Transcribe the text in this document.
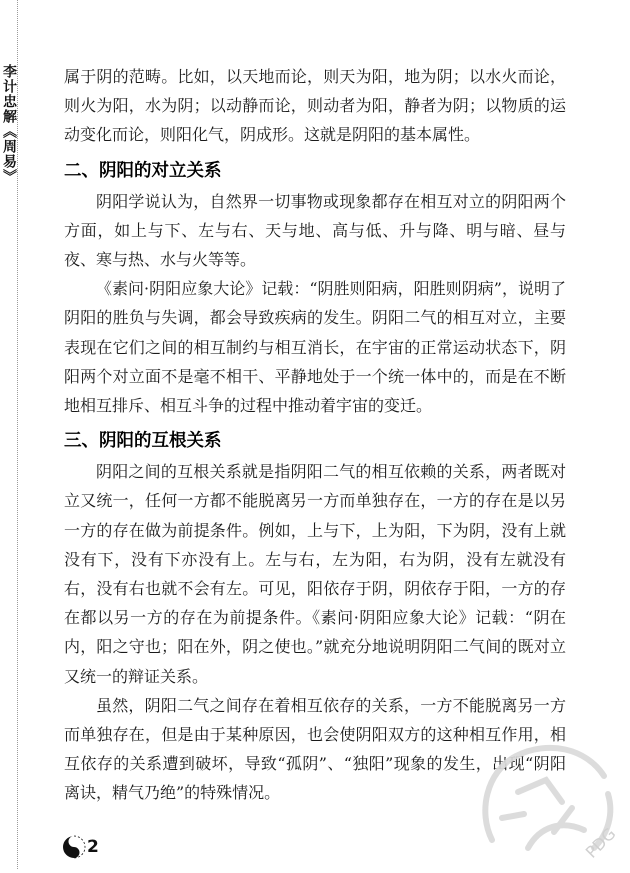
李计忠解《周易》	属于阴的范畴。比如，以天地而论，则天为阳，地为阴；以水火而论，则火为阳，水为阴；以动静而论，则动者为阳，静者为阴；以物质的运动变化而论，则阳化气，阴成形。这就是阴阳的基本属性。

二、阴阳的对立关系

阴阳学说认为，自然界一切事物或现象都存在相互对立的阴阳两个方面，如上与下、左与右、天与地、高与低、升与降、明与暗、昼与夜、寒与热、水与火等等。

《素问·阴阳应象大论》记载：“阴胜则阳病，阳胜则阴病”，说明了阴阳的胜负与失调，都会导致疾病的发生。阴阳二气的相互对立，主要表现在它们之间的相互制约与相互消长，在宇宙的正常运动状态下，阴阳两个对立面不是毫不相干、平静地处于一个统一体中的，而是在不断地相互排斥、相互斗争的过程中推动着宇宙的变迁。

三、阴阳的互根关系

阴阳之间的互根关系就是指阴阳二气的相互依赖的关系，两者既对立又统一，任何一方都不能脱离另一方而单独存在，一方的存在是以另一方的存在做为前提条件。例如，上与下，上为阳，下为阴，没有上就没有下，没有下亦没有上。左与右，左为阳，右为阴，没有左就没有右，没有右也就不会有左。可见，阳依存于阴，阴依存于阳，一方的存在都以另一方的存在为前提条件。《素问·阴阳应象大论》记载：“阴在内，阳之守也；阳在外，阴之使也。”就充分地说明阴阳二气间的既对立又统一的辩证关系。

虽然，阴阳二气之间存在着相互依存的关系，一方不能脱离另一方而单独存在，但是由于某种原因，也会使阴阳双方的这种相互作用，相互依存的关系遭到破坏，导致“孤阴”、“独阳”现象的发生，出现“阴阳离诀，精气乃绝”的特殊情况。

2	PDG
